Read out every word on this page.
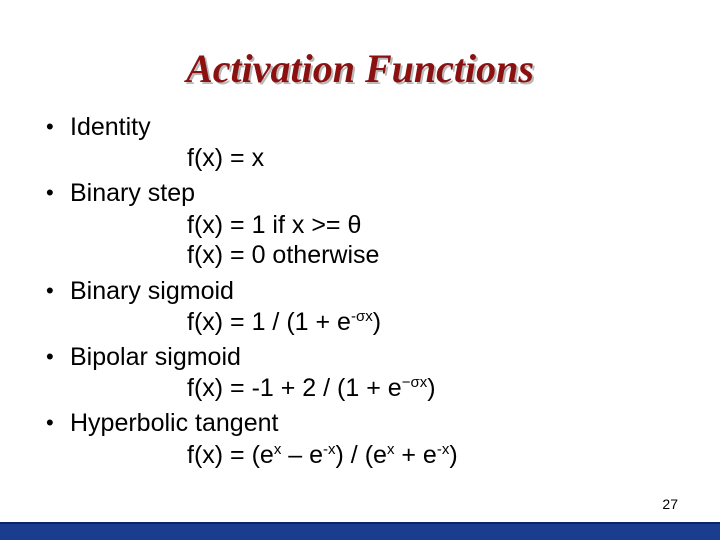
Activation Functions
• Identity
f(x) = x
• Binary step
f(x) = 1 if x >= θ
f(x) = 0 otherwise
• Binary sigmoid
$f(x) = 1 / (1 + e^{-\sigma x})$
• Bipolar sigmoid
$f(x) = -1 + 2 / (1 + e^{-\sigma x})$
• Hyperbolic tangent
$f(x) = (e^x - e^{-x}) / (e^x + e^{-x})$
27
